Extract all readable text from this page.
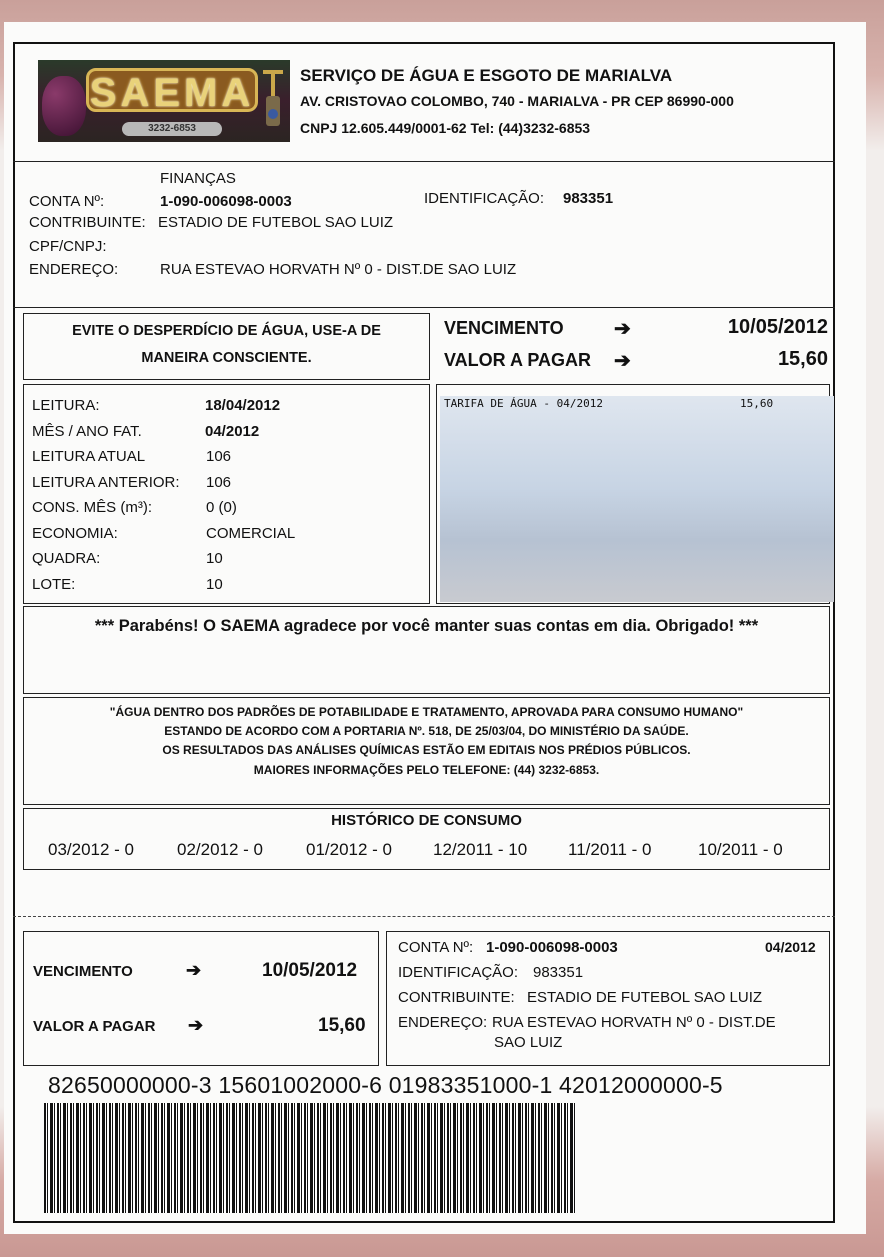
SAEMA
3232-6853
SERVIÇO DE ÁGUA E ESGOTO DE MARIALVA
AV. CRISTOVAO COLOMBO, 740 - MARIALVA - PR CEP 86990-000
CNPJ 12.605.449/0001-62 Tel: (44)3232-6853
FINANÇAS
CONTA Nº:	1-090-006098-0003	IDENTIFICAÇÃO: 983351
CONTRIBUINTE: ESTADIO DE FUTEBOL SAO LUIZ
CPF/CNPJ:
ENDEREÇO:	RUA ESTEVAO HORVATH Nº 0 - DIST.DE SAO LUIZ
EVITE O DESPERDÍCIO DE ÁGUA, USE-A DE
MANEIRA CONSCIENTE.
VENCIMENTO	➔	10/05/2012
VALOR A PAGAR ➔	15,60
LEITURA:	18/04/2012
MÊS / ANO FAT.	04/2012
LEITURA ATUAL	106
LEITURA ANTERIOR: 106
CONS. MÊS (m³):	0 (0)
ECONOMIA:	COMERCIAL
QUADRA:	10
LOTE:	10
TARIFA DE ÁGUA - 04/2012	15,60
*** Parabéns! O SAEMA agradece por você manter suas contas em dia. Obrigado! ***
"ÁGUA DENTRO DOS PADRÕES DE POTABILIDADE E TRATAMENTO, APROVADA PARA CONSUMO HUMANO"
ESTANDO DE ACORDO COM A PORTARIA Nº. 518, DE 25/03/04, DO MINISTÉRIO DA SAÚDE.
OS RESULTADOS DAS ANÁLISES QUÍMICAS ESTÃO EM EDITAIS NOS PRÉDIOS PÚBLICOS.
MAIORES INFORMAÇÕES PELO TELEFONE: (44) 3232-6853.
HISTÓRICO DE CONSUMO
03/2012 - 0	02/2012 - 0	01/2012 - 0 12/2011 - 10 11/2011 - 0	10/2011 - 0
VENCIMENTO	➔	10/05/2012
VALOR A PAGAR ➔	15,60
CONTA Nº: 1-090-006098-0003	04/2012
IDENTIFICAÇÃO: 983351
CONTRIBUINTE: ESTADIO DE FUTEBOL SAO LUIZ
ENDEREÇO: RUA ESTEVAO HORVATH Nº 0 - DIST.DE
SAO LUIZ
82650000000-3 15601002000-6 01983351000-1 42012000000-5
